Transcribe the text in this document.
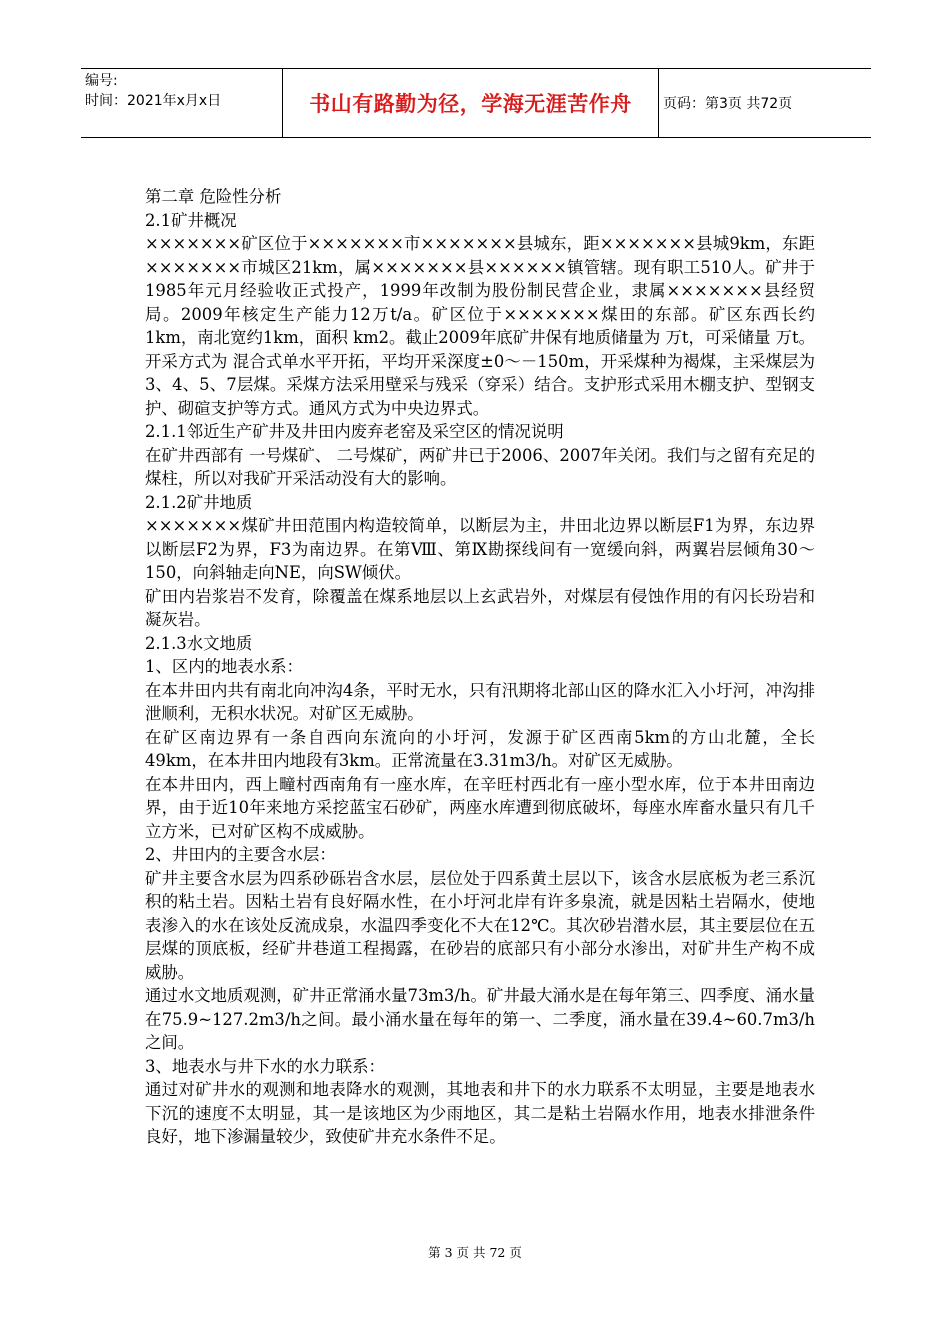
编号:
时间：2021年x月x日	书山有路勤为径，学海无涯苦作舟 页码：第3页 共72页

第二章 危险性分析

2.1矿井概况

×××××××矿区位于×××××××市×××××××县城东，距×××××××县城9km，东距×××××××市城区21km，属×××××××县××××××镇管辖。现有职工510人。矿井于1985年元月经验收正式投产，1999年改制为股份制民营企业，隶属×××××××县经贸局。2009年核定生产能力12万t/a。矿区位于×××××××煤田的东部。矿区东西长约 1km，南北宽约1km，面积 km2。截止2009年底矿井保有地质储量为 万t，可采储量 万t。开采方式为 混合式单水平开拓，平均开采深度±0～－150m，开采煤种为褐煤，主采煤层为3、4、5、7层煤。采煤方法采用壁采与残采（穿采）结合。支护形式采用木棚支护、型钢支护、砌碹支护等方式。通风方式为中央边界式。

2.1.1邻近生产矿井及井田内废弃老窑及采空区的情况说明

在矿井西部有 一号煤矿、 二号煤矿，两矿井已于2006、2007年关闭。我们与之留有充足的煤柱，所以对我矿开采活动没有大的影响。

2.1.2矿井地质

×××××××煤矿井田范围内构造较简单，以断层为主，井田北边界以断层F1为界，东边界以断层F2为界，F3为南边界。在第Ⅷ、第Ⅸ勘探线间有一宽缓向斜，两翼岩层倾角30～150，向斜轴走向NE，向SW倾伏。

矿田内岩浆岩不发育，除覆盖在煤系地层以上玄武岩外，对煤层有侵蚀作用的有闪长玢岩和凝灰岩。

2.1.3水文地质

1、区内的地表水系：

在本井田内共有南北向冲沟4条，平时无水，只有汛期将北部山区的降水汇入小圩河，冲沟排泄顺利，无积水状况。对矿区无威胁。

在矿区南边界有一条自西向东流向的小圩河，发源于矿区西南5km的方山北麓，全长49km，在本井田内地段有3km。正常流量在3.31m3/h。对矿区无威胁。

在本井田内，西上疃村西南角有一座水库，在辛旺村西北有一座小型水库，位于本井田南边界，由于近10年来地方采挖蓝宝石砂矿，两座水库遭到彻底破坏，每座水库畜水量只有几千立方米，已对矿区构不成威胁。

2、井田内的主要含水层：

矿井主要含水层为四系砂砾岩含水层，层位处于四系黄土层以下，该含水层底板为老三系沉积的粘土岩。因粘土岩有良好隔水性，在小圩河北岸有许多泉流，就是因粘土岩隔水，使地表渗入的水在该处反流成泉，水温四季变化不大在12℃。其次砂岩潜水层，其主要层位在五层煤的顶底板，经矿井巷道工程揭露，在砂岩的底部只有小部分水渗出，对矿井生产构不成威胁。

通过水文地质观测，矿井正常涌水量73m3/h。矿井最大涌水是在每年第三、四季度、涌水量在75.9~127.2m3/h之间。最小涌水量在每年的第一、二季度，涌水量在39.4~60.7m3/h之间。

3、地表水与井下水的水力联系：

通过对矿井水的观测和地表降水的观测，其地表和井下的水力联系不太明显，主要是地表水下沉的速度不太明显，其一是该地区为少雨地区，其二是粘土岩隔水作用，地表水排泄条件良好，地下渗漏量较少，致使矿井充水条件不足。

第 3 页 共 72 页
